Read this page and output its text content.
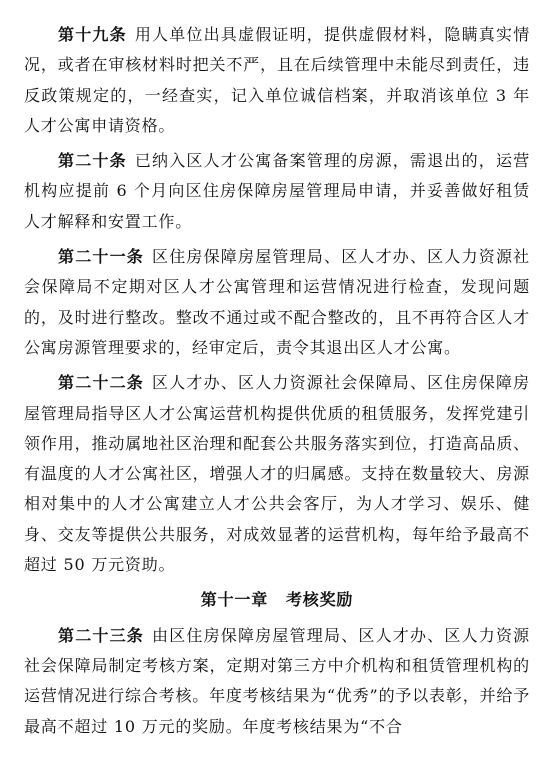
第十九条 用人单位出具虚假证明，提供虚假材料，隐瞒真实情况，或者在审核材料时把关不严，且在后续管理中未能尽到责任，违反政策规定的，一经查实，记入单位诚信档案，并取消该单位 3 年人才公寓申请资格。

第二十条 已纳入区人才公寓备案管理的房源，需退出的，运营机构应提前 6 个月向区住房保障房屋管理局申请，并妥善做好租赁人才解释和安置工作。

第二十一条 区住房保障房屋管理局、区人才办、区人力资源社会保障局不定期对区人才公寓管理和运营情况进行检查，发现问题的，及时进行整改。整改不通过或不配合整改的，且不再符合区人才公寓房源管理要求的，经审定后，责令其退出区人才公寓。

第二十二条 区人才办、区人力资源社会保障局、区住房保障房屋管理局指导区人才公寓运营机构提供优质的租赁服务，发挥党建引领作用，推动属地社区治理和配套公共服务落实到位，打造高品质、有温度的人才公寓社区，增强人才的归属感。支持在数量较大、房源相对集中的人才公寓建立人才公共会客厅，为人才学习、娱乐、健身、交友等提供公共服务，对成效显著的运营机构，每年给予最高不超过 50 万元资助。

第十一章 考核奖励

第二十三条 由区住房保障房屋管理局、区人才办、区人力资源社会保障局制定考核方案，定期对第三方中介机构和租赁管理机构的运营情况进行综合考核。年度考核结果为“优秀”的予以表彰，并给予最高不超过 10 万元的奖励。年度考核结果为“不合
